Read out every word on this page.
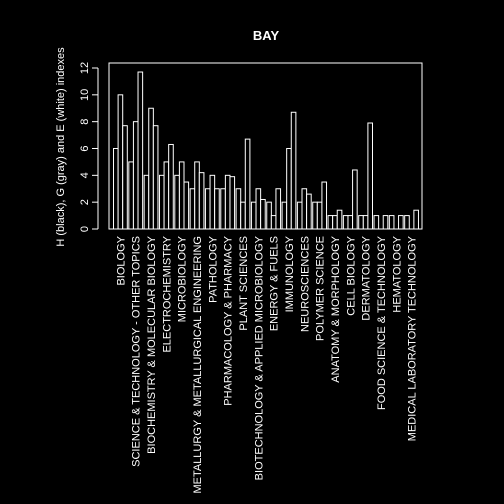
BAY
H (black), G (gray) and E (white) indexes 0
2
4
6
8
10
12
BIOLOGY SCIENCE & TECHNOLOGY - OTHER TOPICS BIOCHEMISTRY & MOLECULAR BIOLOGY ELECTROCHEMISTRY MICROBIOLOGY METALLURGY & METALLURGICAL ENGINEERING PATHOLOGY PHARMACOLOGY & PHARMACY PLANT SCIENCES BIOTECHNOLOGY & APPLIED MICROBIOLOGY ENERGY & FUELS IMMUNOLOGY NEUROSCIENCES POLYMER SCIENCE ANATOMY & MORPHOLOGY CELL BIOLOGY DERMATOLOGY FOOD SCIENCE & TECHNOLOGY HEMATOLOGY MEDICAL LABORATORY TECHNOLOGY
